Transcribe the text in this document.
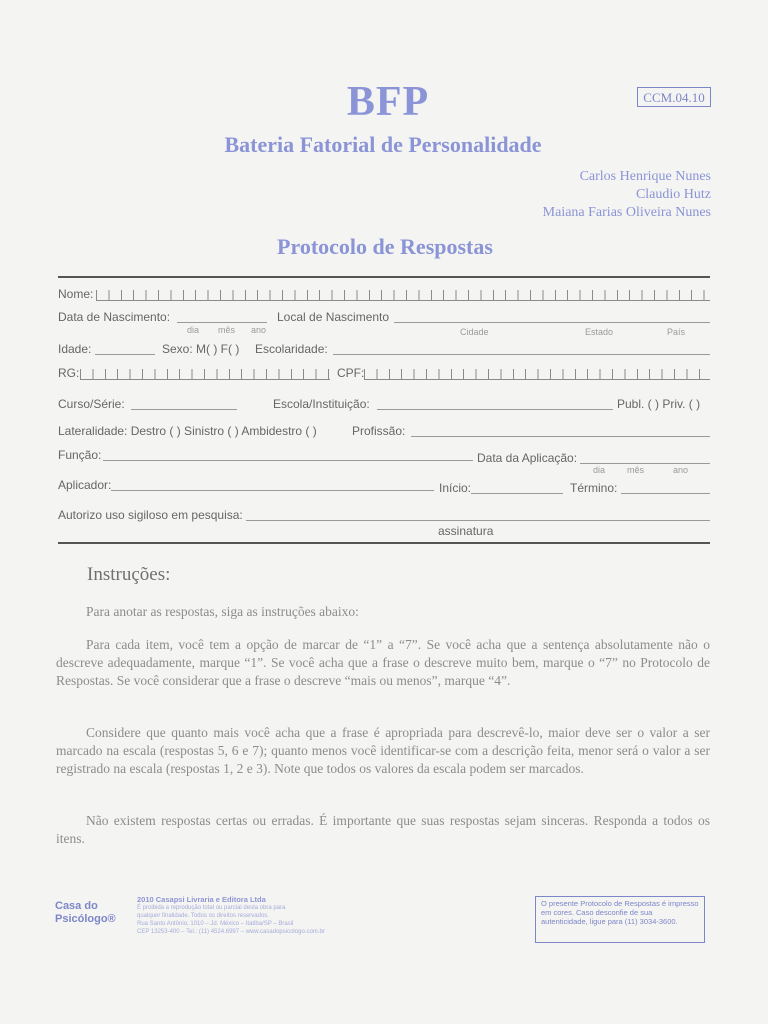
CCM.04.10
BFP
Bateria Fatorial de Personalidade
Carlos Henrique Nunes
Claudio Hutz
Maiana Farias Oliveira Nunes
Protocolo de Respostas
Nome:
Data de Nascimento:
dia mês ano
Local de Nascimento
Cidade	Estado	País
Idade:	Sexo: M( ) F( ) Escolaridade:
RG:	CPF:
Curso/Série:	Escola/Instituição:	Publ. ( ) Priv. ( )
Lateralidade: Destro ( ) Sinistro ( ) Ambidestro ( )	Profissão:
Função:	Data da Aplicação:
dia mês	ano
Aplicador:	Início:	Término:
Autorizo uso sigiloso em pesquisa:
assinatura
Instruções:
Para anotar as respostas, siga as instruções abaixo:
Para cada item, você tem a opção de marcar de “1” a “7”. Se você acha que a sentença absolutamente não o descreve adequadamente, marque “1”. Se você acha que a frase o descreve muito bem, marque o “7” no Protocolo de Respostas. Se você considerar que a frase o descreve “mais ou menos”, marque “4”.
Considere que quanto mais você acha que a frase é apropriada para descrevê-lo, maior deve ser o valor a ser marcado na escala (respostas 5, 6 e 7); quanto menos você identificar-se com a descrição feita, menor será o valor a ser registrado na escala (respostas 1, 2 e 3). Note que todos os valores da escala podem ser marcados.
Não existem respostas certas ou erradas. É importante que suas respostas sejam sinceras. Responda a todos os itens.
Casa do
Psicólogo®
2010 Casapsi Livraria e Editora Ltda
É proibida a reprodução total ou parcial desta obra para
qualquer finalidade. Todos os direitos reservados.
Rua Santo Antônio, 1010 – Jd. México – Itatiba/SP – Brasil
CEP 13253-400 – Tel.: (11) 4524.6997 – www.casadopsicologo.com.br
O presente Protocolo de Respostas é impresso em cores. Caso desconfie de sua autenticidade, ligue para (11) 3034-3600.
